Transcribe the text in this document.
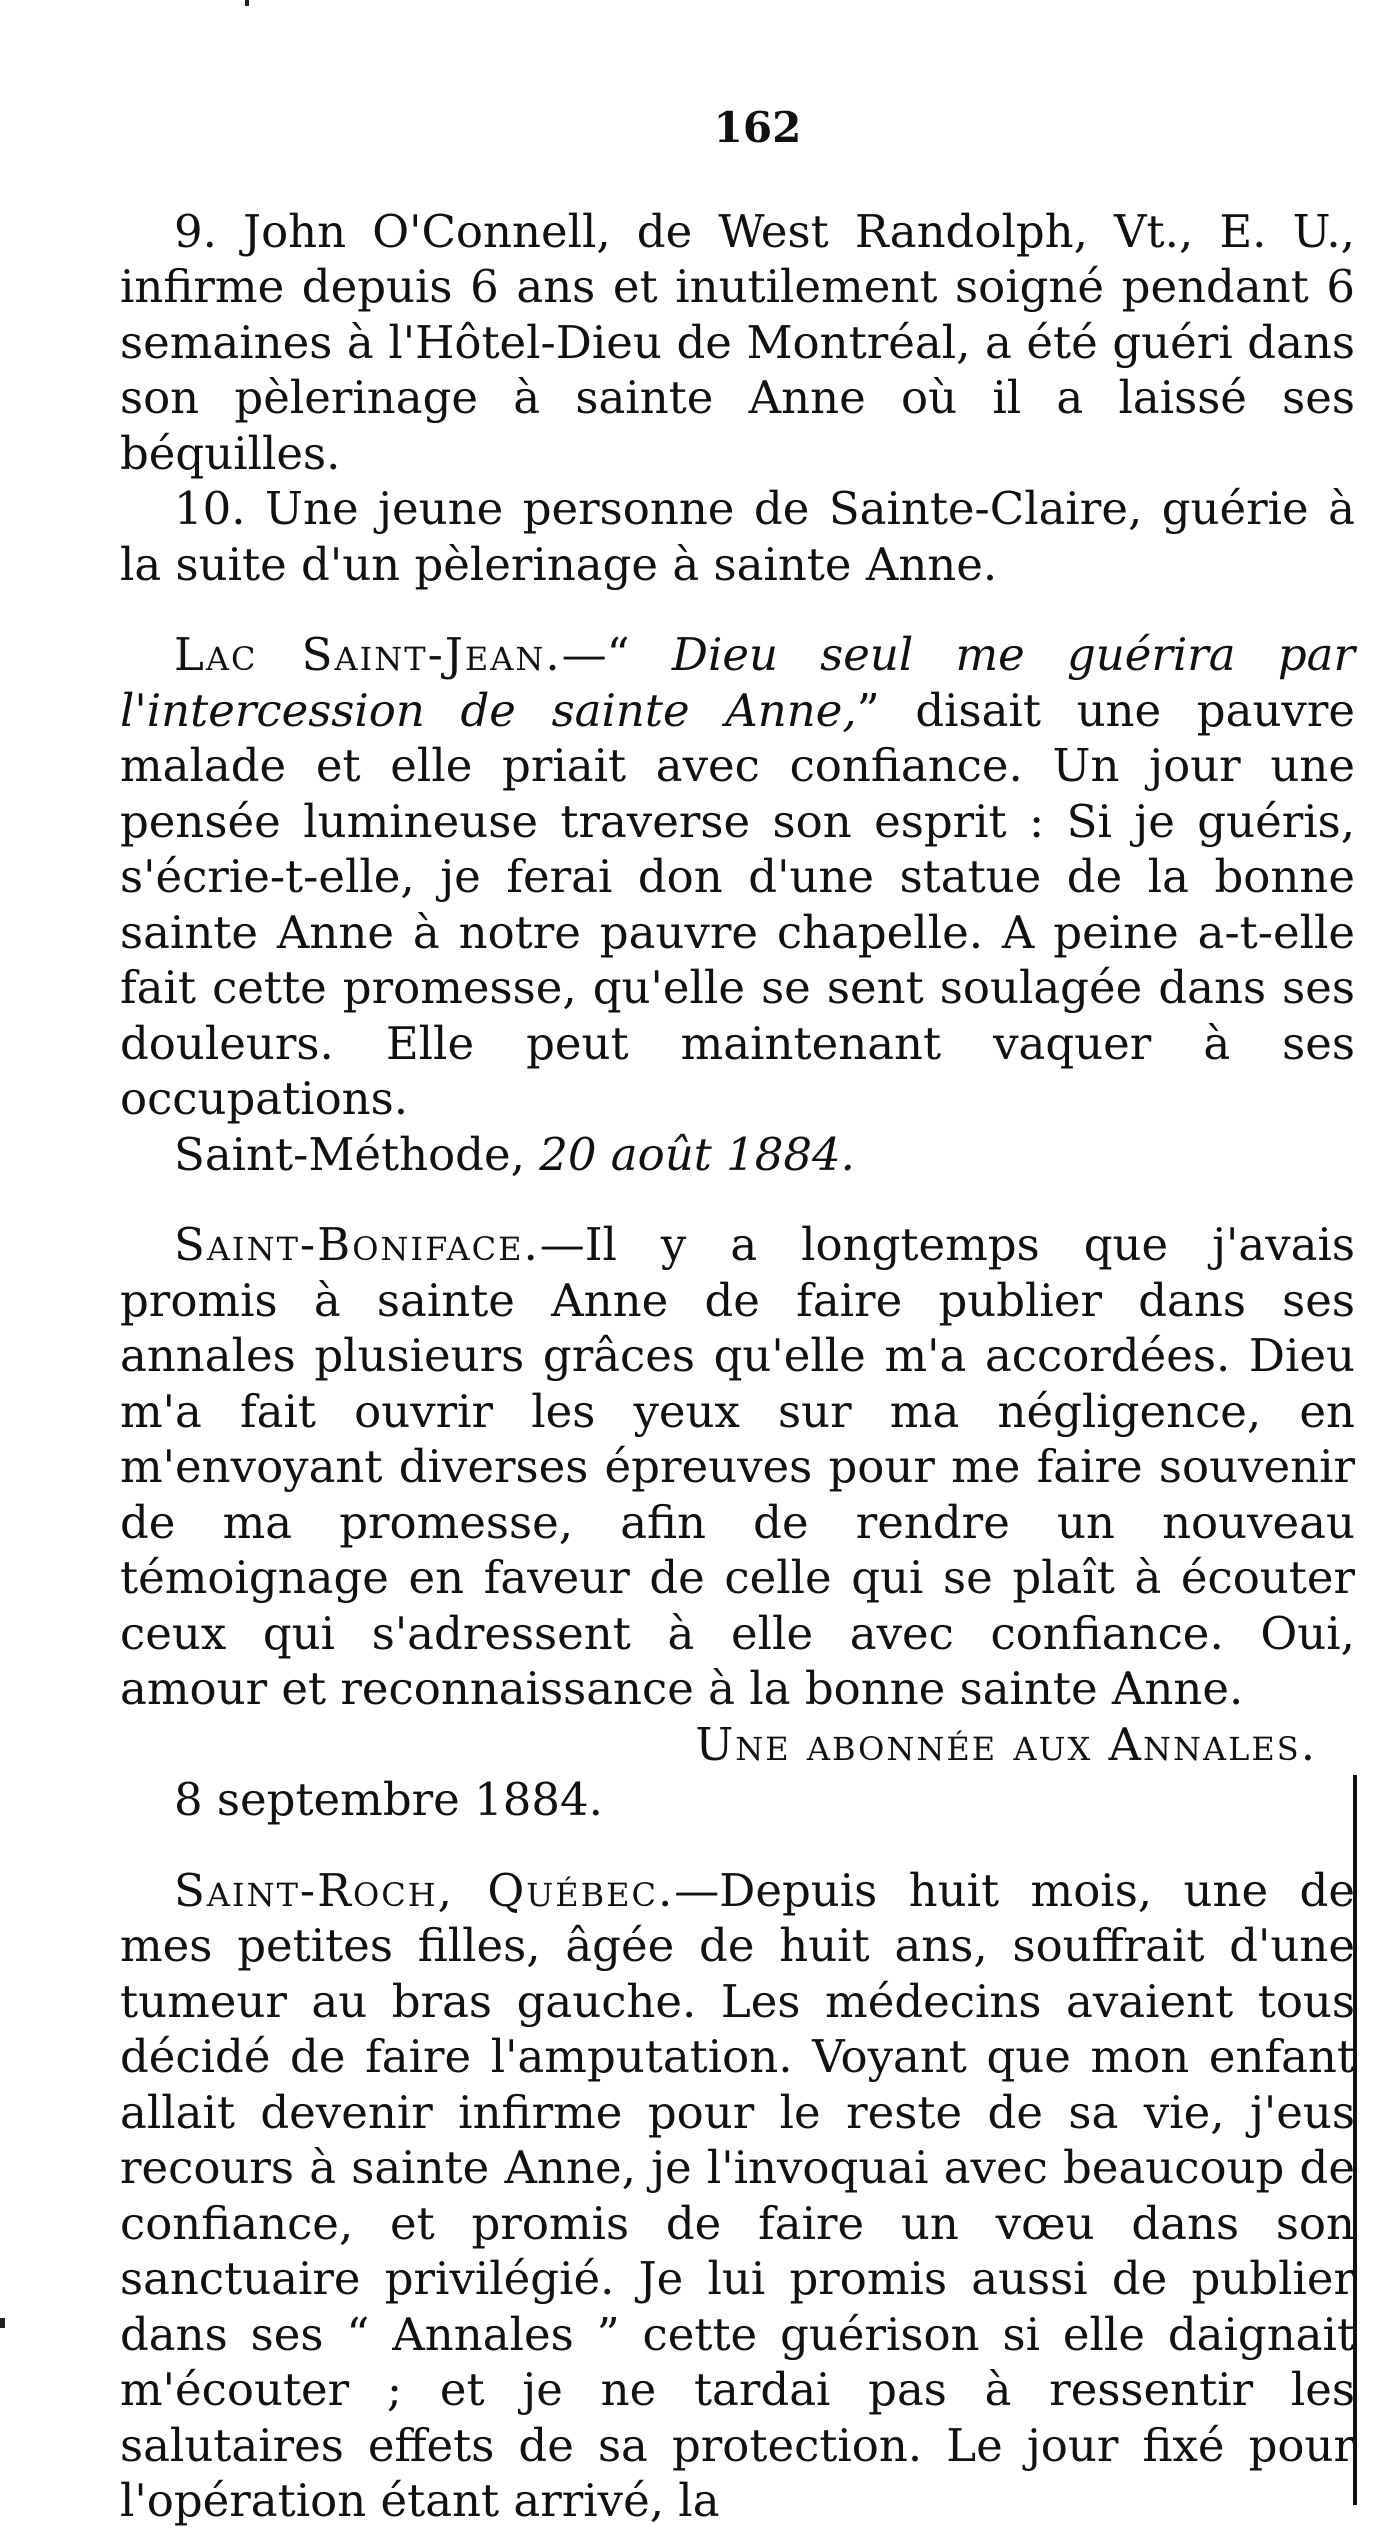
162

9. John O'Connell, de West Randolph, Vt., E. U., infirme depuis 6 ans et inutilement soigné pendant 6 semaines à l'Hôtel-Dieu de Montréal, a été guéri dans son pèlerinage à sainte Anne où il a laissé ses béquilles.

10. Une jeune personne de Sainte-Claire, guérie à la suite d'un pèlerinage à sainte Anne.

Lac Saint-Jean.—“ Dieu seul me guérira par l'intercession de sainte Anne,” disait une pauvre malade et elle priait avec confiance. Un jour une pensée lumineuse traverse son esprit : Si je guéris, s'écrie-t-elle, je ferai don d'une statue de la bonne sainte Anne à notre pauvre chapelle. A peine a-t-elle fait cette promesse, qu'elle se sent soulagée dans ses douleurs. Elle peut maintenant vaquer à ses occupations.

Saint-Méthode, 20 août 1884.

Saint-Boniface.—Il y a longtemps que j'avais promis à sainte Anne de faire publier dans ses annales plusieurs grâces qu'elle m'a accordées. Dieu m'a fait ouvrir les yeux sur ma négligence, en m'envoyant diverses épreuves pour me faire souvenir de ma promesse, afin de rendre un nouveau témoignage en faveur de celle qui se plaît à écouter ceux qui s'adressent à elle avec confiance. Oui, amour et reconnaissance à la bonne sainte Anne.

Une abonnée aux Annales.

8 septembre 1884.

Saint-Roch, Québec.—Depuis huit mois, une de mes petites filles, âgée de huit ans, souffrait d'une tumeur au bras gauche. Les médecins avaient tous décidé de faire l'amputation. Voyant que mon enfant allait devenir infirme pour le reste de sa vie, j'eus recours à sainte Anne, je l'invoquai avec beaucoup de confiance, et promis de faire un vœu dans son sanctuaire privilégié. Je lui promis aussi de publier dans ses “ Annales ” cette guérison si elle daignait m'écouter ; et je ne tardai pas à ressentir les salutaires effets de sa protection. Le jour fixé pour l'opération étant arrivé, la
